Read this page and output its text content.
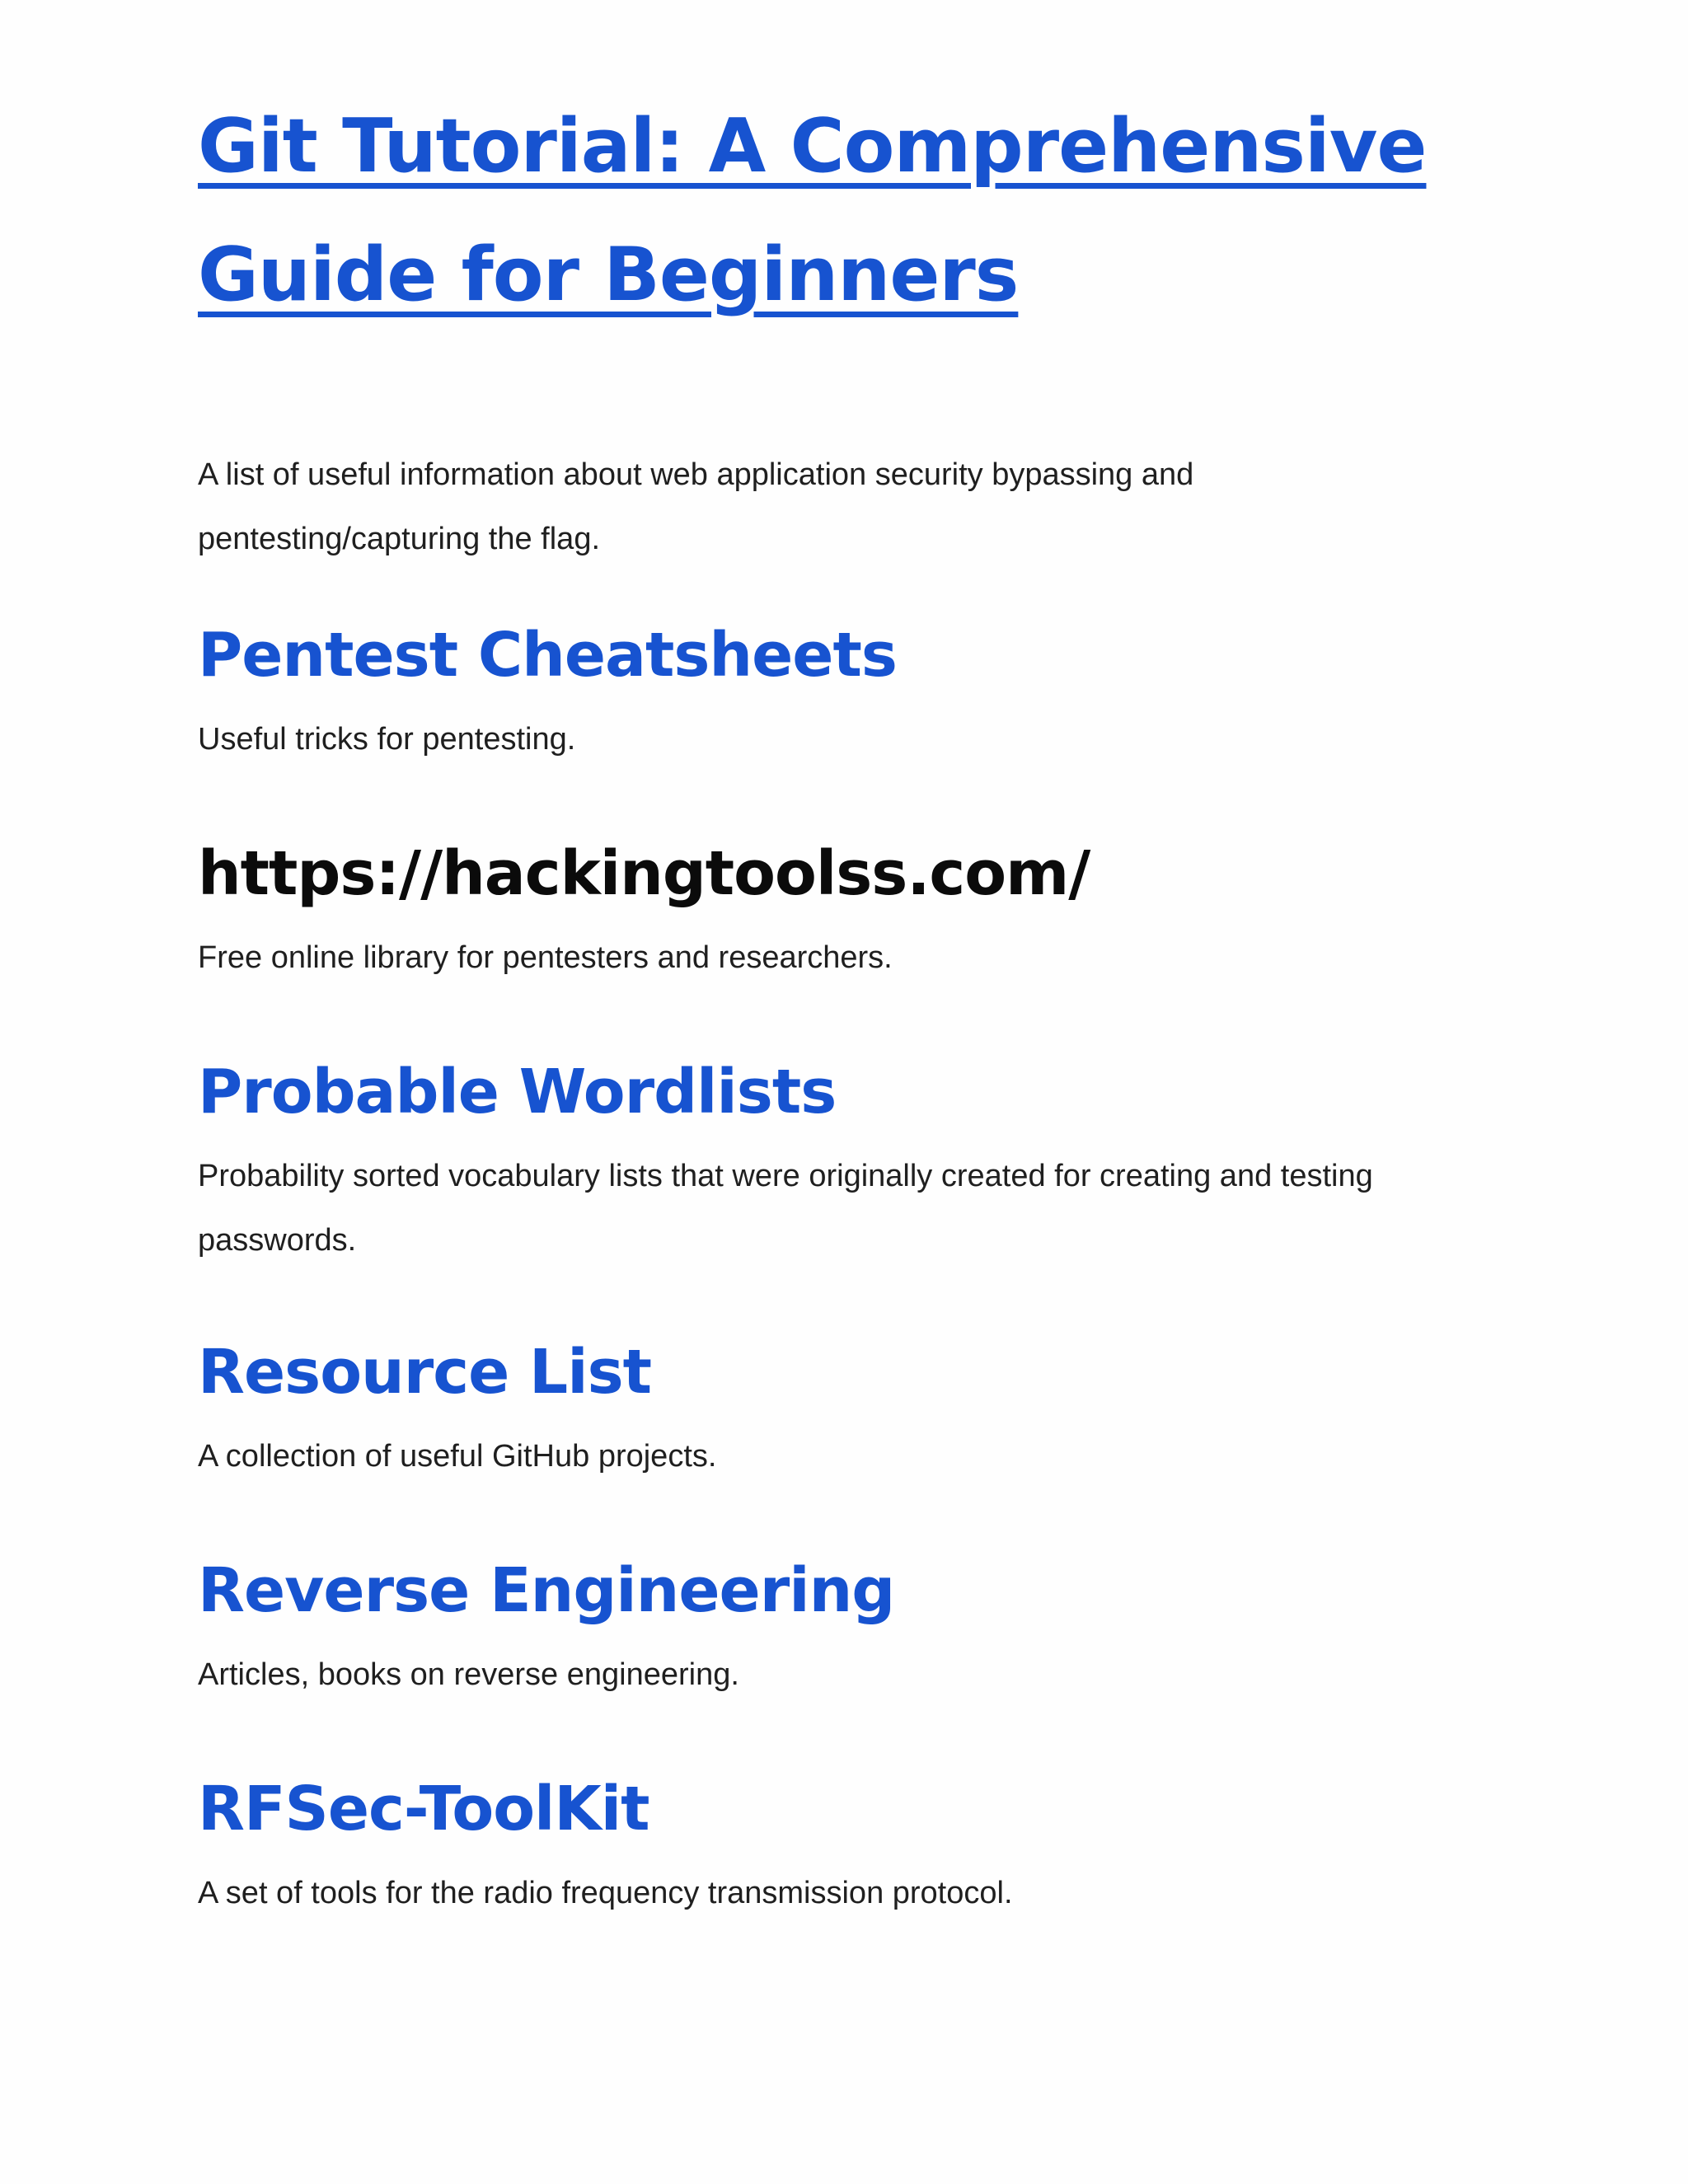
Git Tutorial: A Comprehensive Guide for Beginners

A list of useful information about web application security bypassing and pentesting/capturing the flag.

Pentest Cheatsheets

Useful tricks for pentesting.

https://hackingtoolss.com/

Free online library for pentesters and researchers.

Probable Wordlists

Probability sorted vocabulary lists that were originally created for creating and testing passwords.

Resource List

A collection of useful GitHub projects.

Reverse Engineering

Articles, books on reverse engineering.

RFSec-ToolKit

A set of tools for the radio frequency transmission protocol.
